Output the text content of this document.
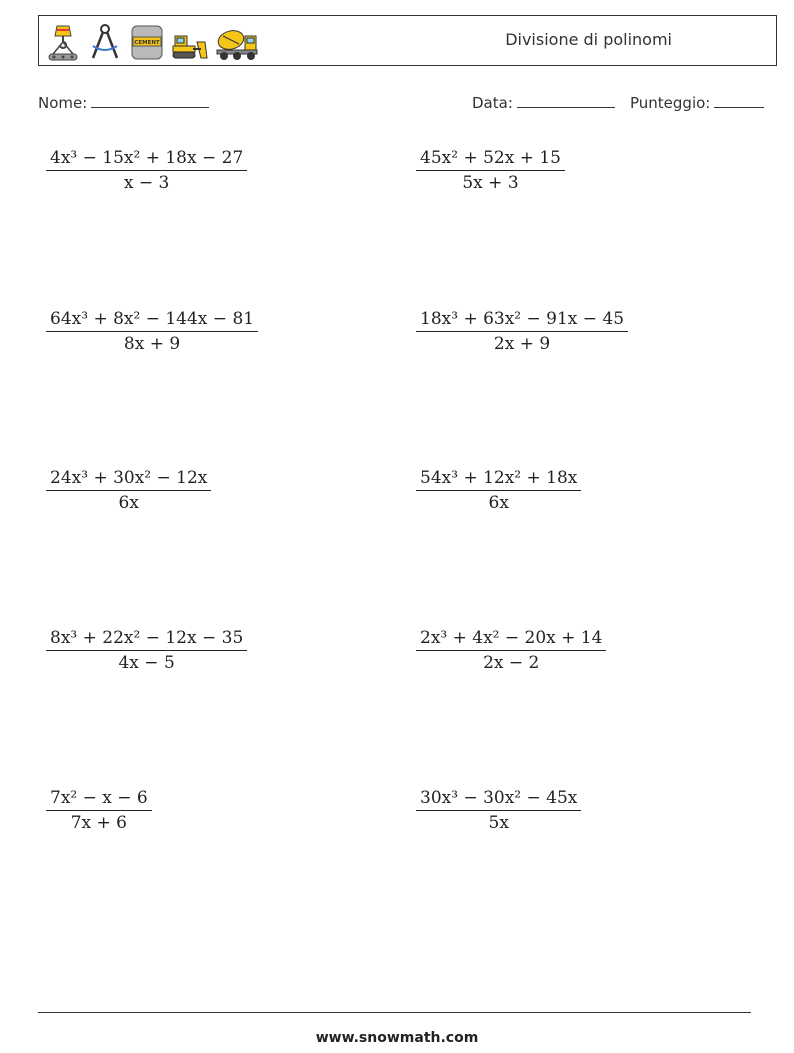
CEMENT	Divisione di polinomi
Nome:	Data:	Punteggio:
$\frac{\text{4x³ − 15x² + 18x − 27}}{x - 3}$	$\frac{\text{45x² + 52x + 15}}{5x + 3}$
$\frac{\text{64x³ + 8x² − 144x − 81}}{8x + 9}$	$\frac{\text{18x³ + 63x² − 91x − 45}}{2x + 9}$
$\frac{\text{24x³ + 30x² − 12x}}{6x}$	$\frac{\text{54x³ + 12x² + 18x}}{6x}$
$\frac{\text{8x³ + 22x² − 12x − 35}}{4x - 5}$	$\frac{\text{2x³ + 4x² − 20x + 14}}{2x - 2}$
$\frac{\text{7x² − x − 6}}{7x + 6}$	$\frac{\text{30x³ − 30x² − 45x}}{5x}$
www.snowmath.com
